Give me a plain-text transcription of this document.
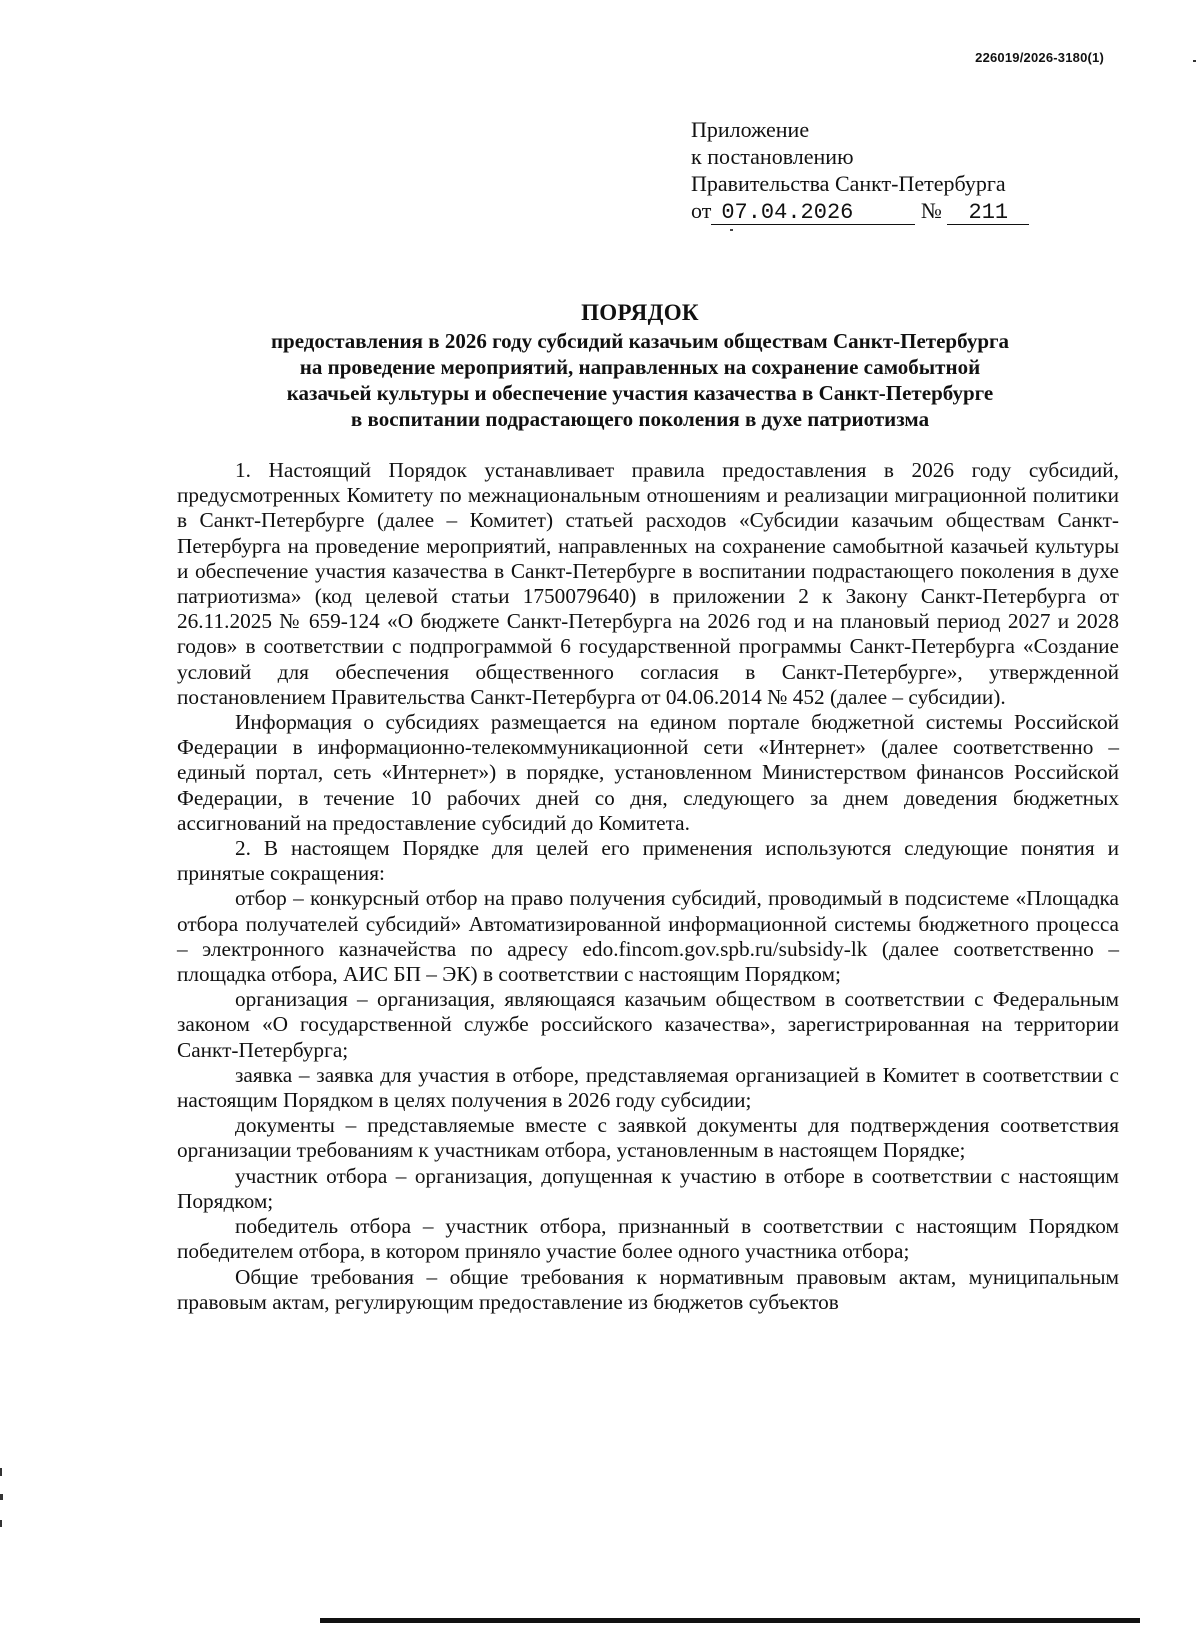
226019/2026-3180(1)
Приложение
к постановлению
Правительства Санкт-Петербурга
от 07.04.2026	№ 211
ПОРЯДОК
предоставления в 2026 году субсидий казачьим обществам Санкт-Петербурга
на проведение мероприятий, направленных на сохранение самобытной
казачьей культуры и обеспечение участия казачества в Санкт-Петербурге
в воспитании подрастающего поколения в духе патриотизма

1. Настоящий Порядок устанавливает правила предоставления в 2026 году субсидий, предусмотренных Комитету по межнациональным отношениям и реализации миграционной политики в Санкт-Петербурге (далее – Комитет) статьей расходов «Субсидии казачьим обществам Санкт-Петербурга на проведение мероприятий, направленных на сохранение самобытной казачьей культуры и обеспечение участия казачества в Санкт-Петербурге в воспитании подрастающего поколения в духе патриотизма» (код целевой статьи 1750079640) в приложении 2 к Закону Санкт-Петербурга от 26.11.2025 № 659-124 «О бюджете Санкт-Петербурга на 2026 год и на плановый период 2027 и 2028 годов» в соответствии с подпрограммой 6 государственной программы Санкт-Петербурга «Создание условий для обеспечения общественного согласия в Санкт-Петербурге», утвержденной постановлением Правительства Санкт-Петербурга от 04.06.2014 № 452 (далее – субсидии).

Информация о субсидиях размещается на едином портале бюджетной системы Российской Федерации в информационно-телекоммуникационной сети «Интернет» (далее соответственно – единый портал, сеть «Интернет») в порядке, установленном Министерством финансов Российской Федерации, в течение 10 рабочих дней со дня, следующего за днем доведения бюджетных ассигнований на предоставление субсидий до Комитета.

2. В настоящем Порядке для целей его применения используются следующие понятия и принятые сокращения:

отбор – конкурсный отбор на право получения субсидий, проводимый в подсистеме «Площадка отбора получателей субсидий» Автоматизированной информационной системы бюджетного процесса – электронного казначейства по адресу edo.fincom.gov.spb.ru/subsidy-lk (далее соответственно – площадка отбора, АИС БП – ЭК) в соответствии с настоящим Порядком;

организация – организация, являющаяся казачьим обществом в соответствии с Федеральным законом «О государственной службе российского казачества», зарегистрированная на территории Санкт-Петербурга;

заявка – заявка для участия в отборе, представляемая организацией в Комитет в соответствии с настоящим Порядком в целях получения в 2026 году субсидии;

документы – представляемые вместе с заявкой документы для подтверждения соответствия организации требованиям к участникам отбора, установленным в настоящем Порядке;

участник отбора – организация, допущенная к участию в отборе в соответствии с настоящим Порядком;

победитель отбора – участник отбора, признанный в соответствии с настоящим Порядком победителем отбора, в котором приняло участие более одного участника отбора;

Общие требования – общие требования к нормативным правовым актам, муниципальным правовым актам, регулирующим предоставление из бюджетов субъектов
